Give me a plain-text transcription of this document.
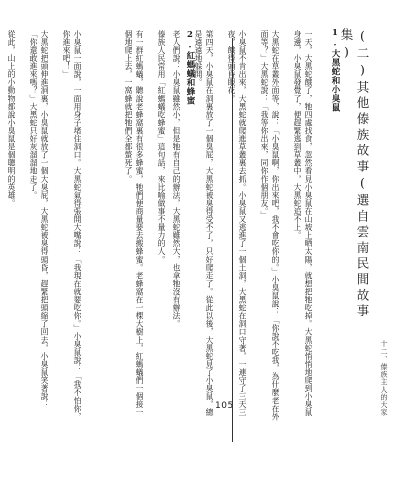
小臭鼠一面說，一面用身子堵住洞口。大黑蛇氣得張開大嘴說：「我現在就要吃你。」小臭鼠說：「我不怕你，你進來吧！」

大黑蛇把頭伸進洞裏，小臭鼠就放了一個大臭屁，大黑蛇被臭得頭昏，趕緊把頭縮了回去，小臭鼠笑著說：「你還敢進來嗎？」大黑蛇只好灰溜溜地走了。

從此，山上的小動物都說小臭鼠是個聰明的英雄。	2.紅螞蟻和蜂蜜

傣族人民常用「紅螞蟻吃蜂蜜」這句話，來比喻做事不量力的人。

有一群紅螞蟻，聽說老蜂窩裏有很多蜂蜜，牠們便商量要去搬蜂蜜。老蜂窩在一棵大樹上，紅螞蟻們一個接一個地爬上去，一窩蜂就把牠們全都螫死了。

105	一天，大黑蛇餓了，牠四處找食，忽然看見小臭鼠在山坡上晒太陽，就想把牠吃掉。大黑蛇悄悄地爬到小臭鼠身邊，小臭鼠發覺了，便趕緊逃到草叢中，大黑蛇追不上。

大黑蛇在草叢外面等，說：「小臭鼠啊，你出來吧，我不會吃你的。」小臭鼠說：「你說不吃我，為什麼老在外面等？」大黑蛇說：「我等你出來，同你作個朋友。」

小臭鼠不肯出來，大黑蛇就爬進草叢裏去抓。小臭鼠又逃進了一個土洞，大黑蛇在洞口守著，一連守了三天三夜，餓得頭昏眼花。

第四天，小臭鼠在洞裏放了一個臭屁，大黑蛇被臭得受不了，只好爬走了。從此以後，大黑蛇見了小臭鼠，總是遠遠地躲開。

老人們說：小臭鼠雖然小，但是牠有自己的辦法，大黑蛇雖然大，也拿牠沒有辦法。	1.大黑蛇和小臭鼠	(二)其他傣族故事(選自雲南民間故事集)
十二、傣族主人的大家
